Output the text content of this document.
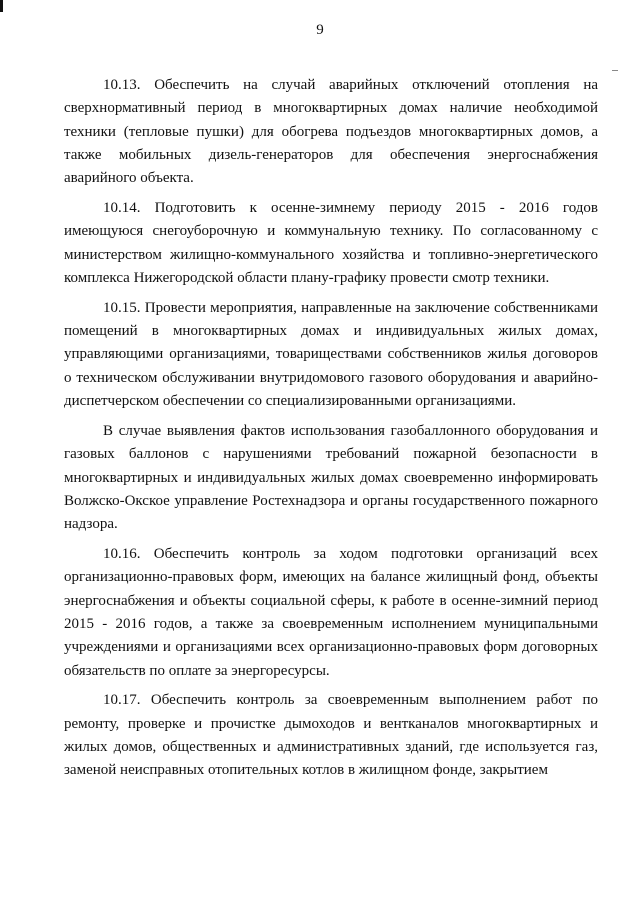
9

10.13. Обеспечить на случай аварийных отключений отопления на сверхнормативный период в многоквартирных домах наличие необходимой техники (тепловые пушки) для обогрева подъездов многоквартирных домов, а также мобильных дизель-генераторов для обеспечения энергоснабжения аварийного объекта.

10.14. Подготовить к осенне-зимнему периоду 2015 - 2016 годов имеющуюся снегоуборочную и коммунальную технику. По согласованному с министерством жилищно-коммунального хозяйства и топливно-энергетического комплекса Нижегородской области плану-графику провести смотр техники.

10.15. Провести мероприятия, направленные на заключение собственниками помещений в многоквартирных домах и индивидуальных жилых домах, управляющими организациями, товариществами собственников жилья договоров о техническом обслуживании внутридомового газового оборудования и аварийно-диспетчерском обеспечении со специализированными организациями.

В случае выявления фактов использования газобаллонного оборудования и газовых баллонов с нарушениями требований пожарной безопасности в многоквартирных и индивидуальных жилых домах своевременно информировать Волжско-Окское управление Ростехнадзора и органы государственного пожарного надзора.

10.16. Обеспечить контроль за ходом подготовки организаций всех организационно-правовых форм, имеющих на балансе жилищный фонд, объекты энергоснабжения и объекты социальной сферы, к работе в осенне-зимний период 2015 - 2016 годов, а также за своевременным исполнением муниципальными учреждениями и организациями всех организационно-правовых форм договорных обязательств по оплате за энергоресурсы.

10.17. Обеспечить контроль за своевременным выполнением работ по ремонту, проверке и прочистке дымоходов и вентканалов многоквартирных и жилых домов, общественных и административных зданий, где используется газ, заменой неисправных отопительных котлов в жилищном фонде, закрытием
